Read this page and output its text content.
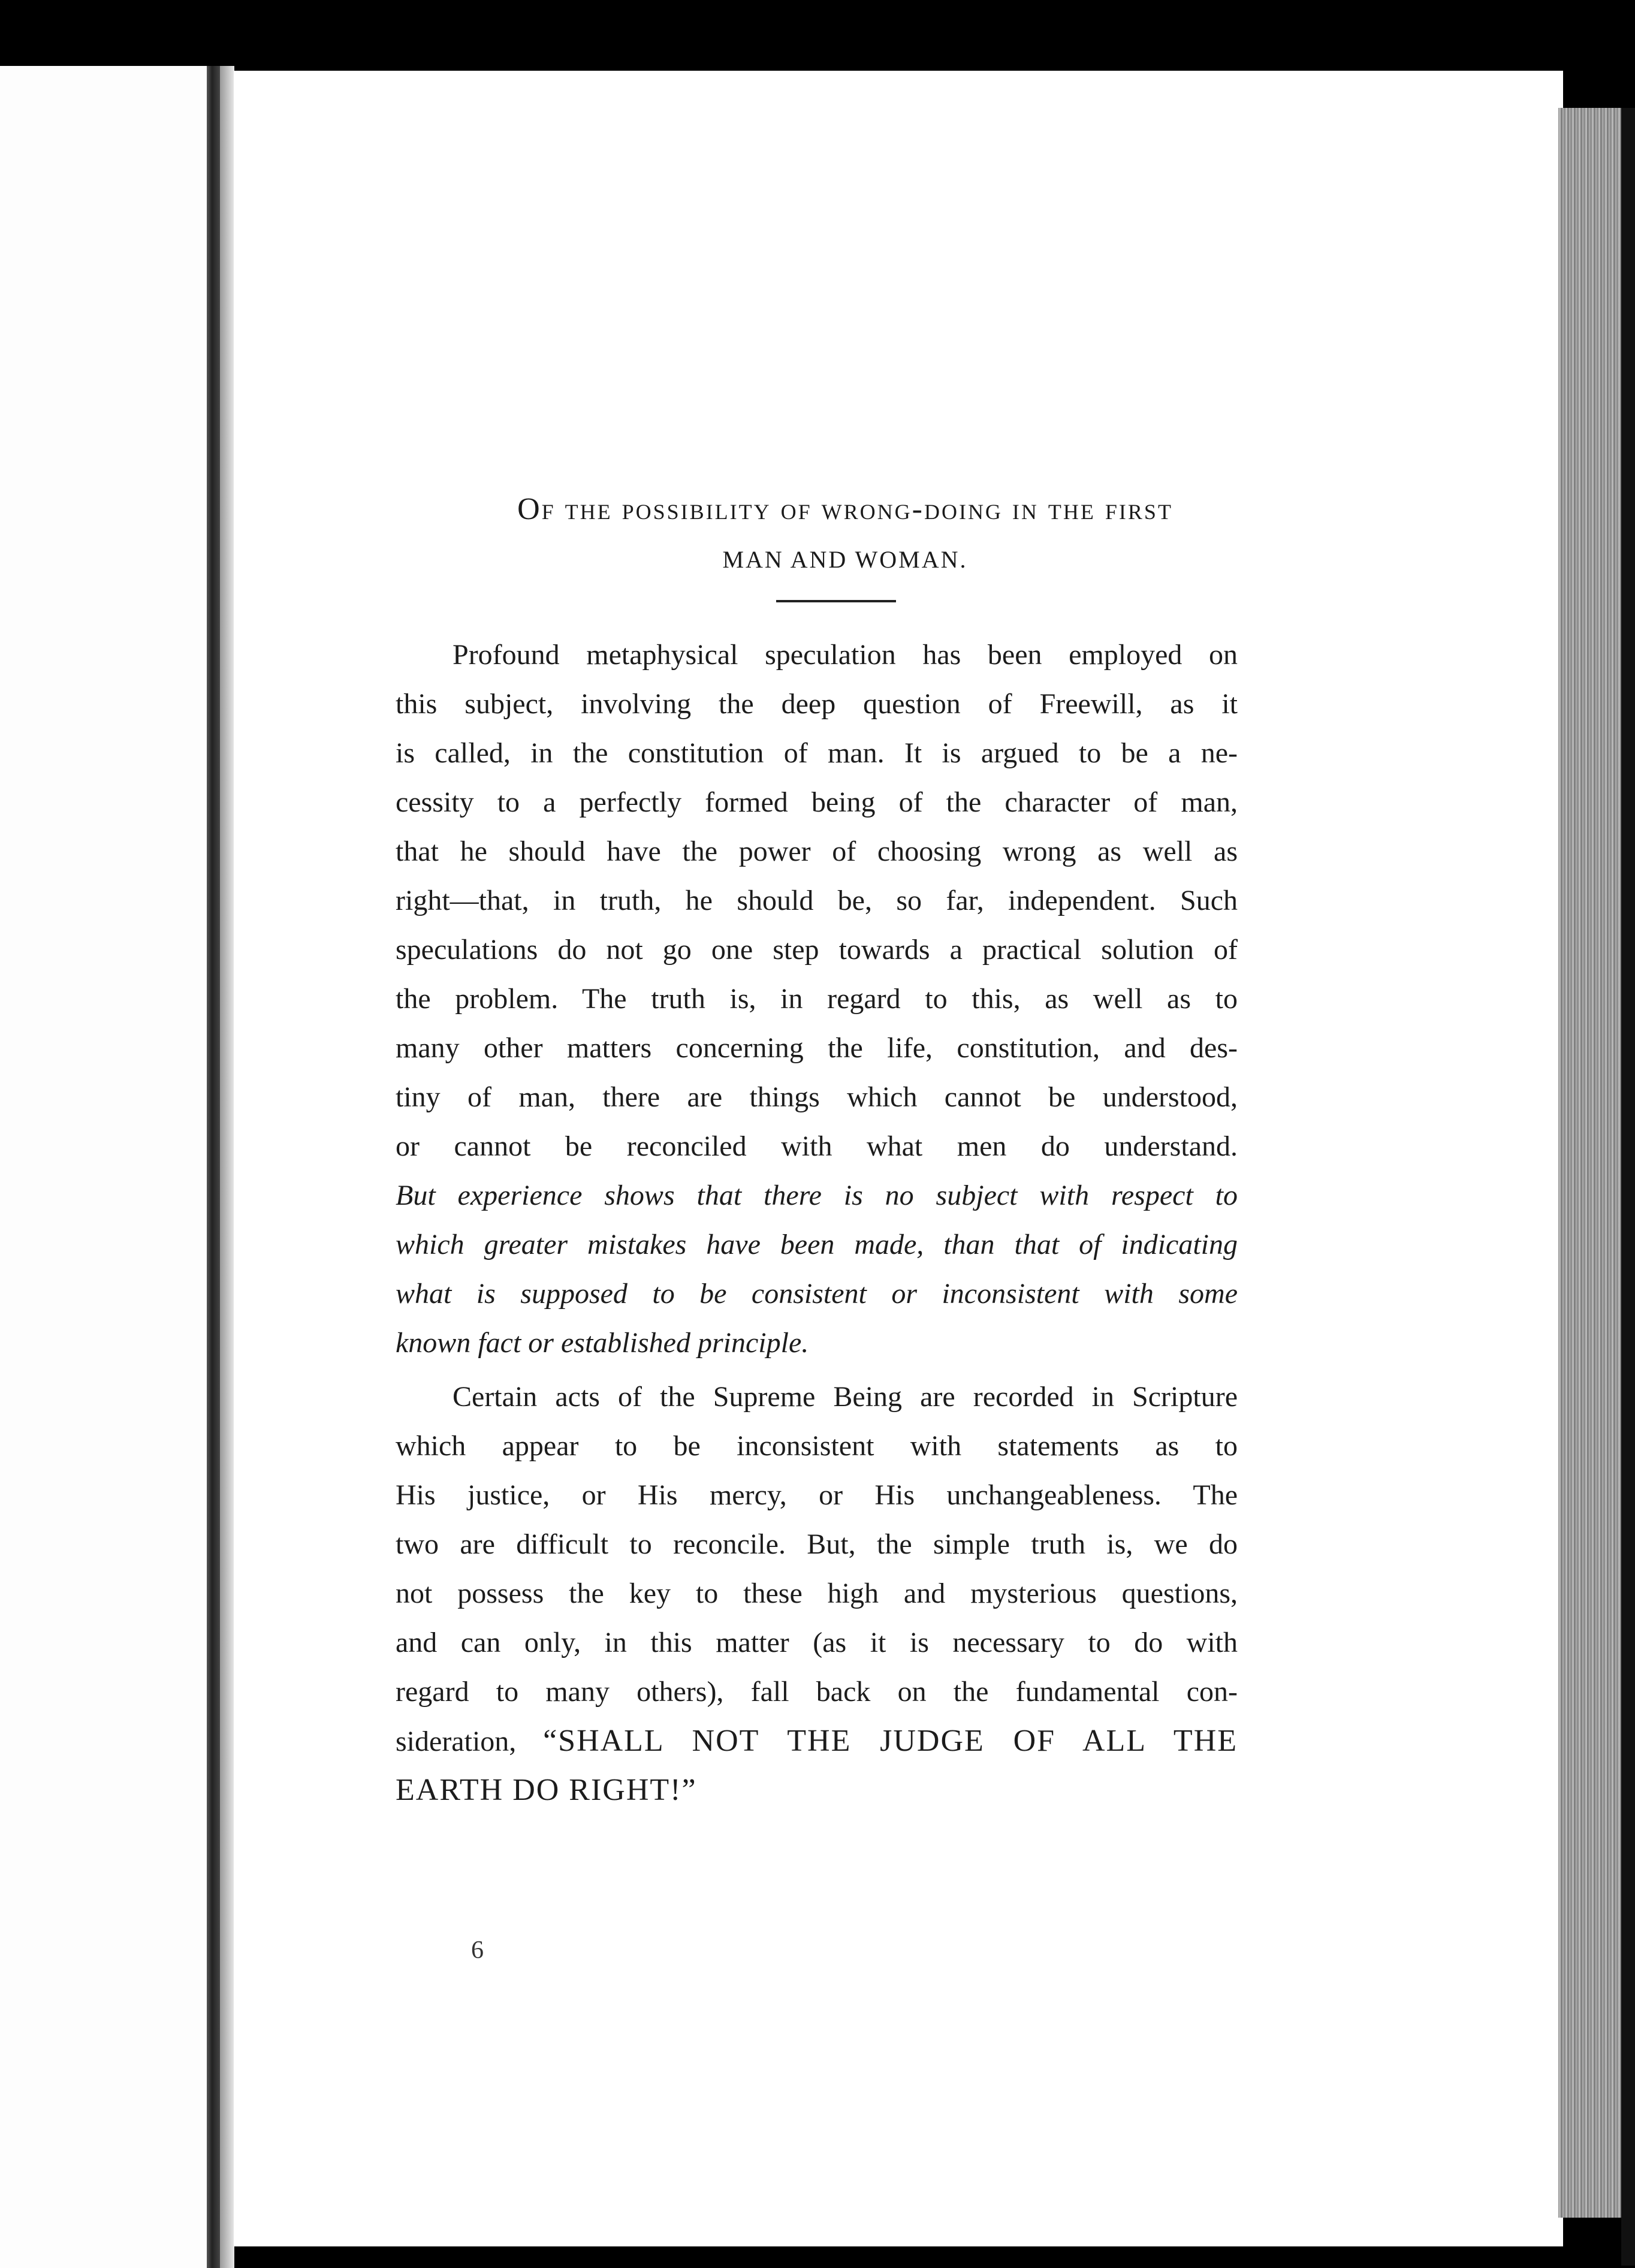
Of the possibility of wrong-doing in the first
MAN AND WOMAN.
Profound metaphysical speculation has been employed on
this subject, involving the deep question of Freewill, as it
is called, in the constitution of man. It is argued to be a ne-
cessity to a perfectly formed being of the character of man,
that he should have the power of choosing wrong as well as
right—that, in truth, he should be, so far, independent. Such
speculations do not go one step towards a practical solution of
the problem. The truth is, in regard to this, as well as to
many other matters concerning the life, constitution, and des-
tiny of man, there are things which cannot be understood,
or cannot be reconciled with what men do understand.
But experience shows that there is no subject with respect to
which greater mistakes have been made, than that of indicating
what is supposed to be consistent or inconsistent with some
known fact or established principle.
Certain acts of the Supreme Being are recorded in Scripture
which appear to be inconsistent with statements as to
His justice, or His mercy, or His unchangeableness. The
two are difficult to reconcile. But, the simple truth is, we do
not possess the key to these high and mysterious questions,
and can only, in this matter (as it is necessary to do with
regard to many others), fall back on the fundamental con-
sideration, “SHALL NOT THE JUDGE OF ALL THE
EARTH DO RIGHT!”
6
